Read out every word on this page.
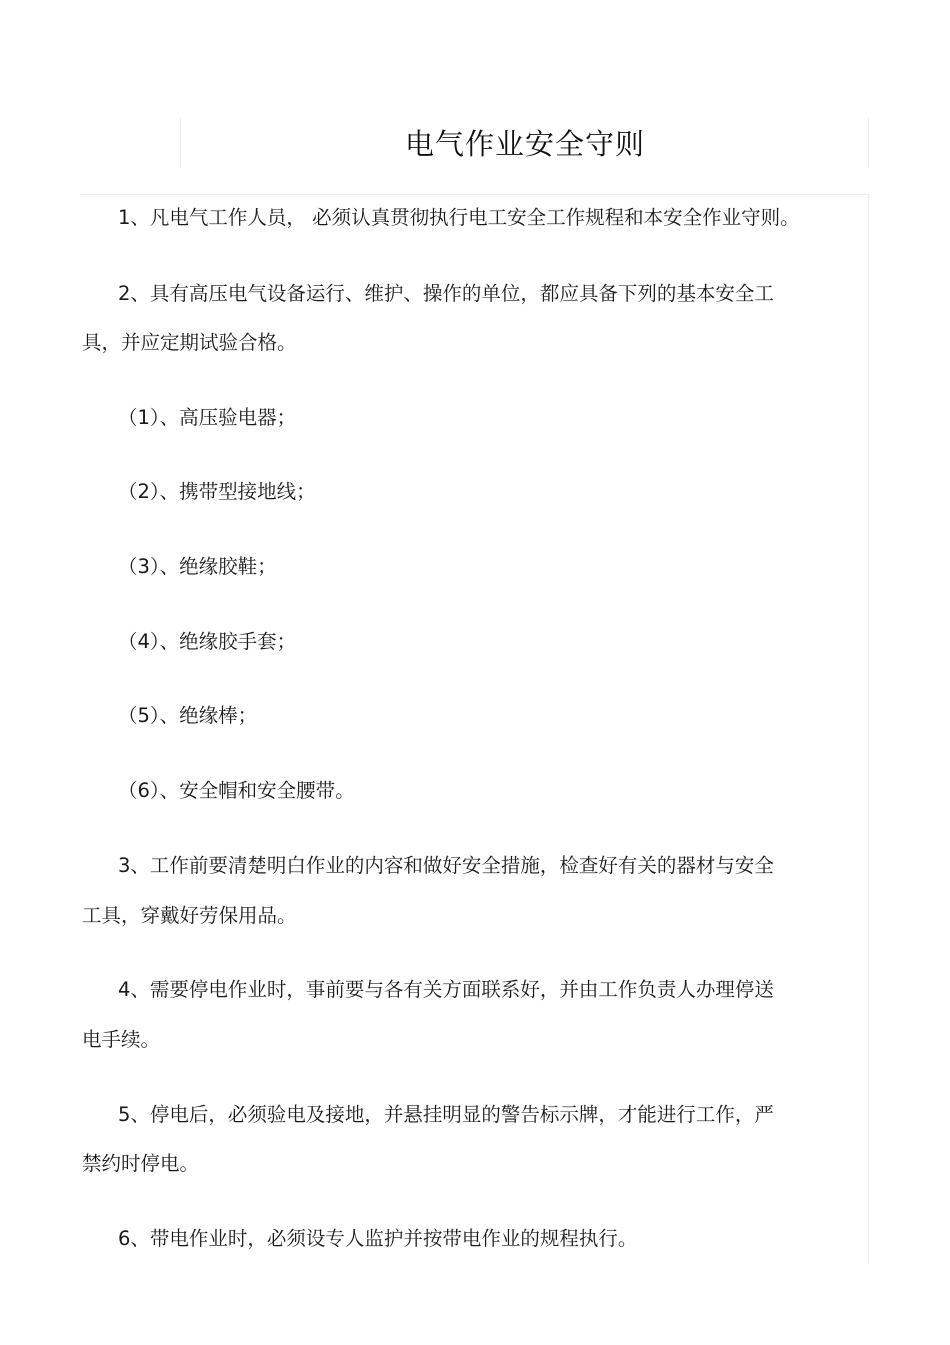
电气作业安全守则
1、凡电气工作人员， 必须认真贯彻执行电工安全工作规程和本安全作业守则。
2、具有高压电气设备运行、维护、操作的单位，都应具备下列的基本安全工
具，并应定期试验合格。
（1）、高压验电器；
（2）、携带型接地线；
（3）、绝缘胶鞋；
（4）、绝缘胶手套；
（5）、绝缘棒；
（6）、安全帽和安全腰带。
3、工作前要清楚明白作业的内容和做好安全措施，检查好有关的器材与安全
工具，穿戴好劳保用品。
4、需要停电作业时，事前要与各有关方面联系好，并由工作负责人办理停送
电手续。
5、停电后，必须验电及接地，并悬挂明显的警告标示牌，才能进行工作，严
禁约时停电。
6、带电作业时，必须设专人监护并按带电作业的规程执行。
